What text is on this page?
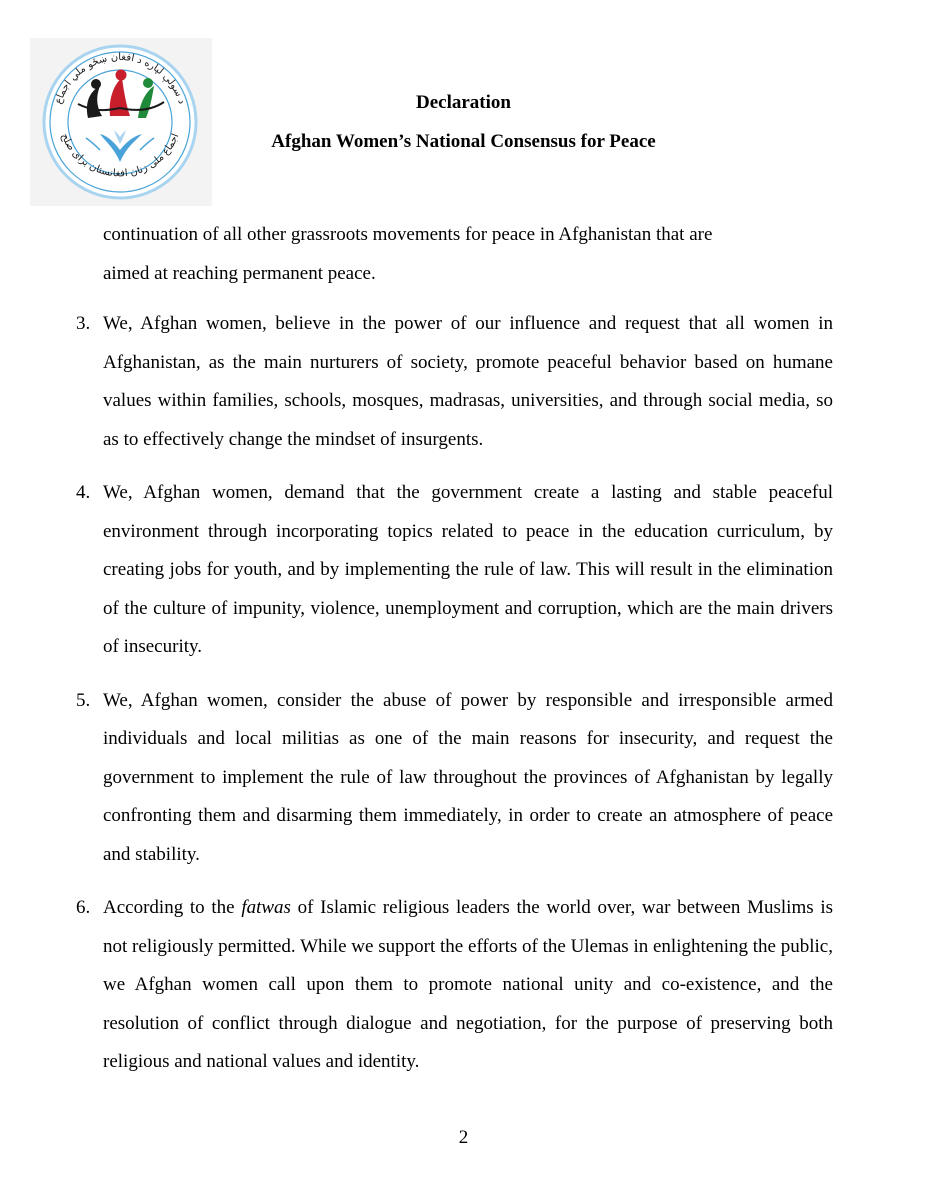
د سولې لپاره د افغان ښځو ملي اجماع
اجماع ملی زنان افغانستان برای صلح
Declaration
Afghan Women’s National Consensus for Peace

continuation of all other grassroots movements for peace in Afghanistan that are
aimed at reaching permanent peace.

3. We, Afghan women, believe in the power of our influence and request that all women in Afghanistan, as the main nurturers of society, promote peaceful behavior based on humane values within families, schools, mosques, madrasas, universities, and through social media, so as to effectively change the mindset of insurgents.

4. We, Afghan women, demand that the government create a lasting and stable peaceful environment through incorporating topics related to peace in the education curriculum, by creating jobs for youth, and by implementing the rule of law. This will result in the elimination of the culture of impunity, violence, unemployment and corruption, which are the main drivers of insecurity.

5. We, Afghan women, consider the abuse of power by responsible and irresponsible armed individuals and local militias as one of the main reasons for insecurity, and request the government to implement the rule of law throughout the provinces of Afghanistan by legally confronting them and disarming them immediately, in order to create an atmosphere of peace and stability.

6. According to the fatwas of Islamic religious leaders the world over, war between Muslims is not religiously permitted. While we support the efforts of the Ulemas in enlightening the public, we Afghan women call upon them to promote national unity and co-existence, and the resolution of conflict through dialogue and negotiation, for the purpose of preserving both religious and national values and identity.

2
